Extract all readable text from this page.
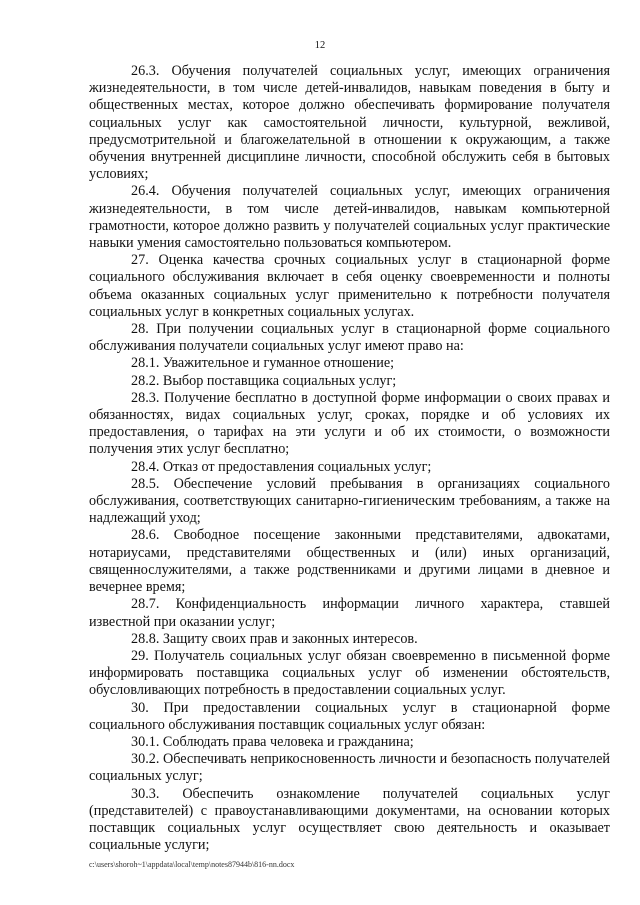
12

26.3. Обучения получателей социальных услуг, имеющих ограничения жизнедеятельности, в том числе детей-инвалидов, навыкам поведения в быту и общественных местах, которое должно обеспечивать формирование получателя социальных услуг как самостоятельной личности, культурной, вежливой, предусмотрительной и благожелательной в отношении к окружающим, а также обучения внутренней дисциплине личности, способной обслужить себя в бытовых условиях;

26.4. Обучения получателей социальных услуг, имеющих ограничения жизнедеятельности, в том числе детей-инвалидов, навыкам компьютерной грамотности, которое должно развить у получателей социальных услуг практические навыки умения самостоятельно пользоваться компьютером.

27. Оценка качества срочных социальных услуг в стационарной форме социального обслуживания включает в себя оценку своевременности и полноты объема оказанных социальных услуг применительно к потребности получателя социальных услуг в конкретных социальных услугах.

28. При получении социальных услуг в стационарной форме социального обслуживания получатели социальных услуг имеют право на:

28.1. Уважительное и гуманное отношение;

28.2. Выбор поставщика социальных услуг;

28.3. Получение бесплатно в доступной форме информации о своих правах и обязанностях, видах социальных услуг, сроках, порядке и об условиях их предоставления, о тарифах на эти услуги и об их стоимости, о возможности получения этих услуг бесплатно;

28.4. Отказ от предоставления социальных услуг;

28.5. Обеспечение условий пребывания в организациях социального обслуживания, соответствующих санитарно-гигиеническим требованиям, а также на надлежащий уход;

28.6. Свободное посещение законными представителями, адвокатами, нотариусами, представителями общественных и (или) иных организаций, священнослужителями, а также родственниками и другими лицами в дневное и вечернее время;

28.7. Конфиденциальность информации личного характера, ставшей известной при оказании услуг;

28.8. Защиту своих прав и законных интересов.

29. Получатель социальных услуг обязан своевременно в письменной форме информировать поставщика социальных услуг об изменении обстоятельств, обусловливающих потребность в предоставлении социальных услуг.

30. При предоставлении социальных услуг в стационарной форме социального обслуживания поставщик социальных услуг обязан:

30.1. Соблюдать права человека и гражданина;

30.2. Обеспечивать неприкосновенность личности и безопасность получателей социальных услуг;

30.3. Обеспечить ознакомление получателей социальных услуг (представителей) с правоустанавливающими документами, на основании которых поставщик социальных услуг осуществляет свою деятельность и оказывает социальные услуги;

c:\users\shoroh~1\appdata\local\temp\notes87944b\816-nn.docx
